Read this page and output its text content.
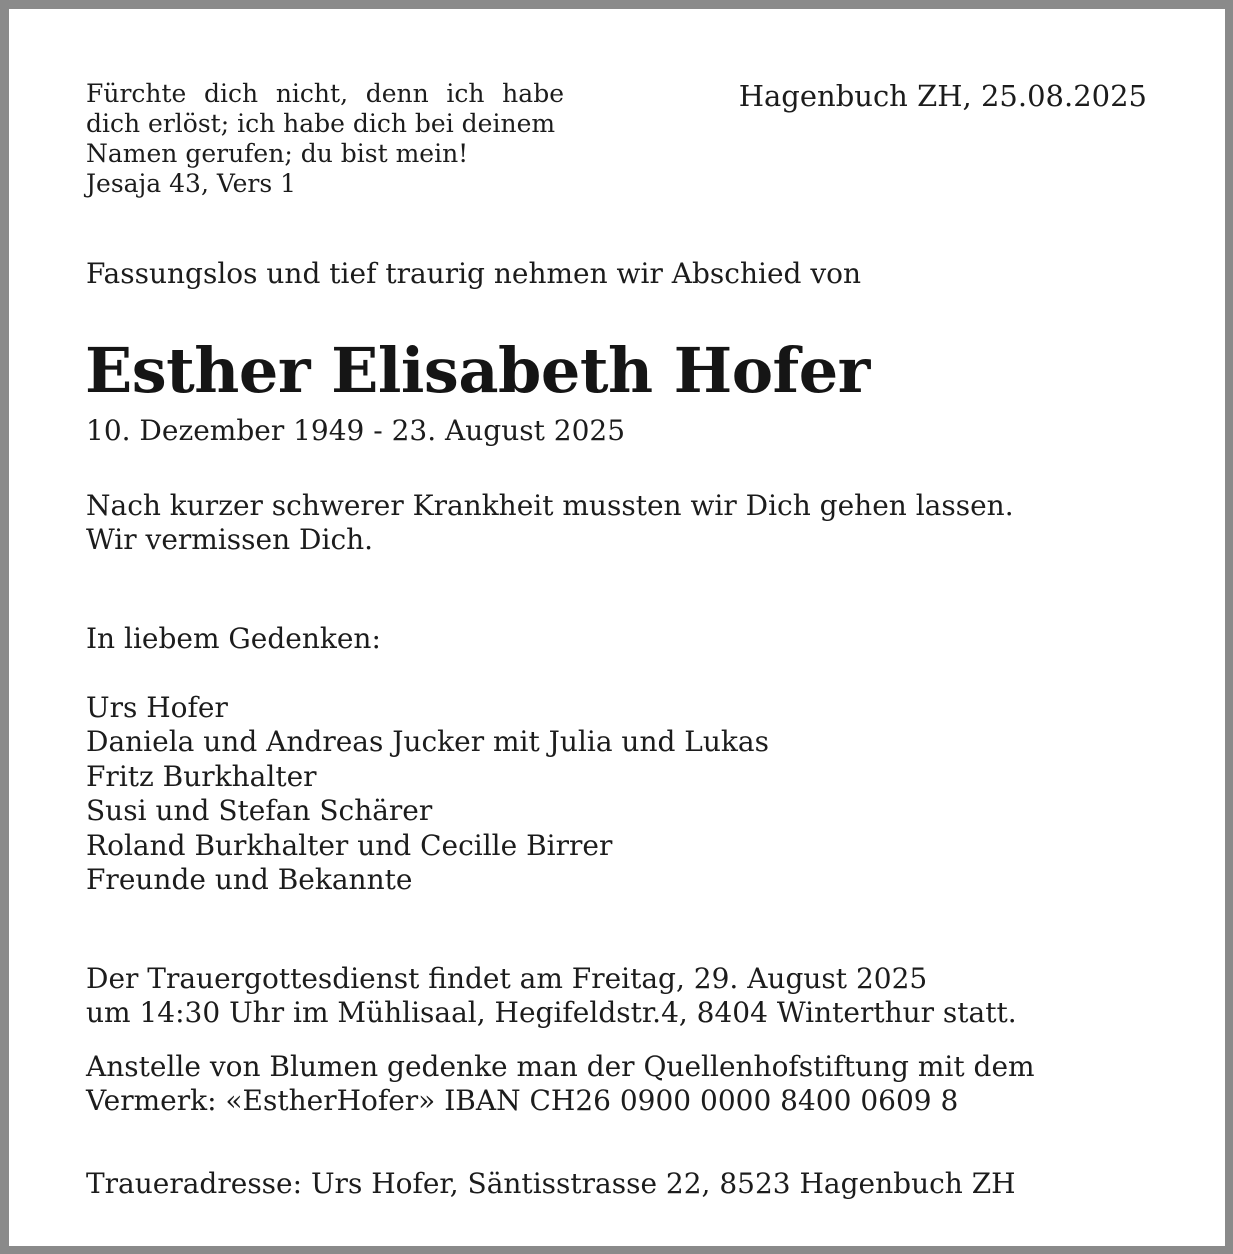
Fürchte dich nicht, denn ich habe
dich erlöst; ich habe dich bei deinem
Namen gerufen; du bist mein!
Jesaja 43, Vers 1
Hagenbuch ZH, 25.08.2025
Fassungslos und tief traurig nehmen wir Abschied von
Esther Elisabeth Hofer
10. Dezember 1949 - 23. August 2025
Nach kurzer schwerer Krankheit mussten wir Dich gehen lassen.
Wir vermissen Dich.
In liebem Gedenken:
Urs Hofer
Daniela und Andreas Jucker mit Julia und Lukas
Fritz Burkhalter
Susi und Stefan Schärer
Roland Burkhalter und Cecille Birrer
Freunde und Bekannte
Der Trauergottesdienst findet am Freitag, 29. August 2025
um 14:30 Uhr im Mühlisaal, Hegifeldstr.4, 8404 Winterthur statt.
Anstelle von Blumen gedenke man der Quellenhofstiftung mit dem
Vermerk: «EstherHofer» IBAN CH26 0900 0000 8400 0609 8
Traueradresse: Urs Hofer, Säntisstrasse 22, 8523 Hagenbuch ZH
